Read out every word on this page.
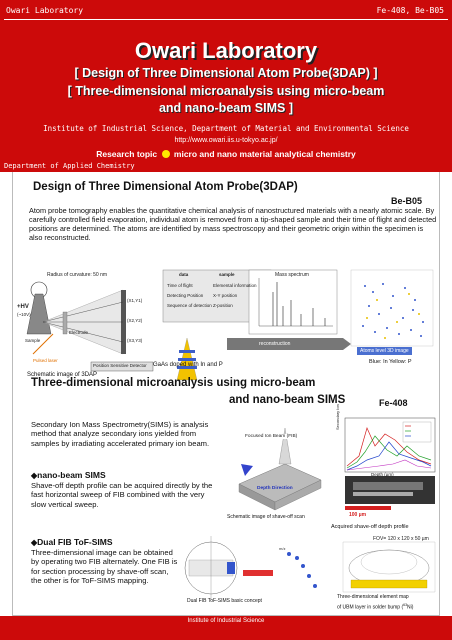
Owari Laboratory	Fe-408, Be-B05
Owari Laboratory
[ Design of Three Dimensional Atom Probe(3DAP) ]
[ Three-dimensional microanalysis using micro-beam
and nano-beam SIMS ]
Institute of Industrial Science, Department of Material and Environmental Science
http://www.owari.iis.u-tokyo.ac.jp/
Research topic micro and nano material analytical chemistry
Department of Applied Chemistry
Design of Three Dimensional Atom Probe(3DAP)
Be-B05
Atom probe tomography enables the quantitative chemical analysis of nanostructured materials with a nearly atomic scale. By carefully controlled field evaporation, individual atom is removed from a tip-shaped sample and their time of flight and detected positions are determined. The atoms are identified by mass spectroscopy and their geometric origin within the specimen is also reconstructed.
Radius of curvature: 50 nm
+HV
(~10V)
Sample
Electrode
Pulsed laser
Position Sensitive Detector
(X1,Y1)
(X2,Y2)
(X3,Y3)
Schematic image of 3DAP
data	sample
Time of flight	Elemental information
Detecting Position X-Y position
Sequence of detection Z-position
Mass spectrum
reconstruction
GaAs doped with In and P
Atoms level 3D image
Blue: In Yellow: P
Three-dimensional microanalysis using micro-beam
and nano-beam SIMS	Fe-408
Secondary Ion Mass Spectrometry(SIMS) is analysis method that analyze secondary ions yielded from samples by irradiating accelerated primary ion beam.
◆nano-beam SIMS
Shave-off depth profile can be acquired directly by the fast horizontal sweep of FIB combined with the very slow vertical sweep.
◆Dual FIB ToF-SIMS
Three-dimensional image can be obtained by operating two FIB alternately. One FIB is for section processing by shave-off scan, the other is for ToF-SIMS mapping.
Focused Ion Beam (FIB)
Depth Direction
Schematic image of shave-off scan
Secondary Ion
Depth (µm)
100 µm
Acquired shave-off depth profile
m/z
Dual FIB ToF-SIMS basic concept
FOV= 120 x 120 x 50 µm
Three-dimensional element map
of UBM layer in solder bump ($^{63}$Ni)
Institute of Industrial Science
